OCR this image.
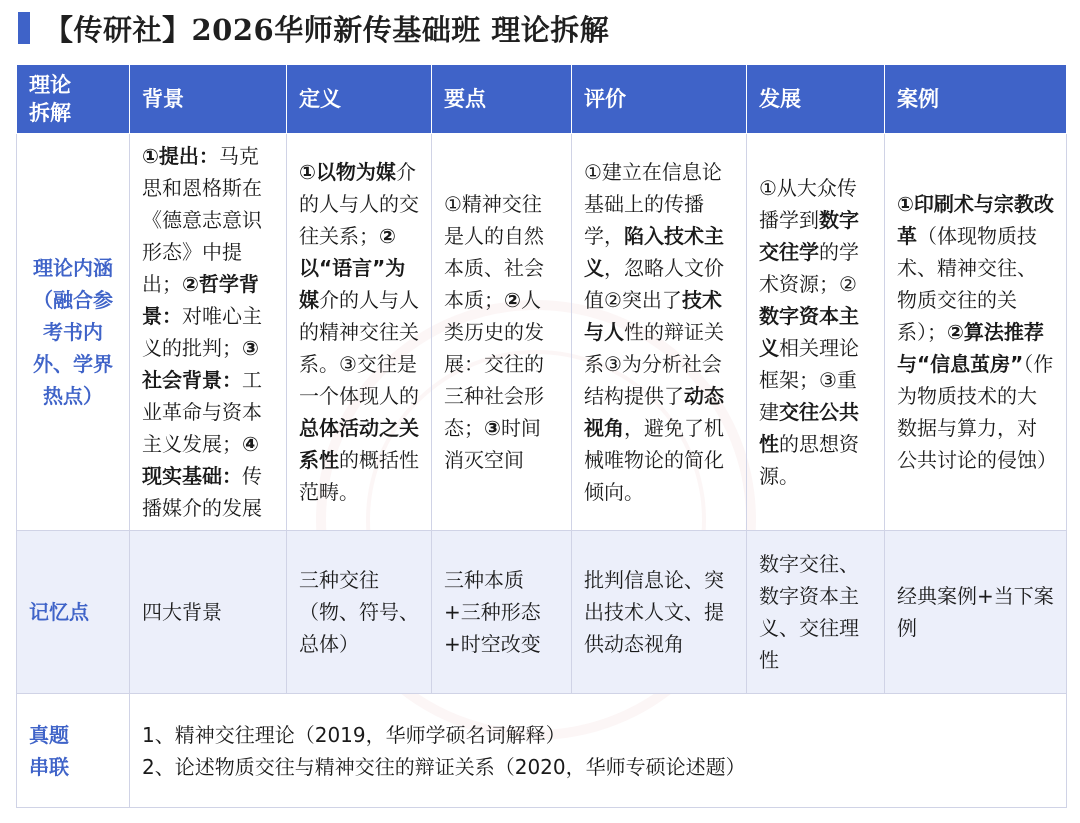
【传研社】2026华师新传基础班 理论拆解
理论
拆解	背景	定义	要点	评价	发展	案例

理论内涵
（融合参考书内外、学界热点）	①提出：马克思和恩格斯在《德意志意识形态》中提出；②哲学背景：对唯心主义的批判；③社会背景：工业革命与资本主义发展；④现实基础：传播媒介的发展	①以物为媒介的人与人的交往关系；②以“语言”为媒介的人与人的精神交往关系。③交往是一个体现人的总体活动之关系性的概括性范畴。	①精神交往是人的自然本质、社会本质；②人类历史的发展：交往的三种社会形态；③时间消灭空间	①建立在信息论基础上的传播学，陷入技术主义，忽略人文价值②突出了技术与人性的辩证关系③为分析社会结构提供了动态视角，避免了机械唯物论的简化倾向。	①从大众传播学到数字交往学的学术资源；②数字资本主义相关理论框架；③重建交往公共性的思想资源。	①印刷术与宗教改革（体现物质技术、精神交往、物质交往的关系）；②算法推荐与“信息茧房”（作为物质技术的大数据与算力，对公共讨论的侵蚀）
记忆点	四大背景	三种交往（物、符号、总体）	三种本质+三种形态+时空改变	批判信息论、突出技术人文、提供动态视角	数字交往、数字资本主义、交往理性	经典案例+当下案例

真题
串联	1、精神交往理论（2019，华师学硕名词解释）
2、论述物质交往与精神交往的辩证关系（2020，华师专硕论述题）					
